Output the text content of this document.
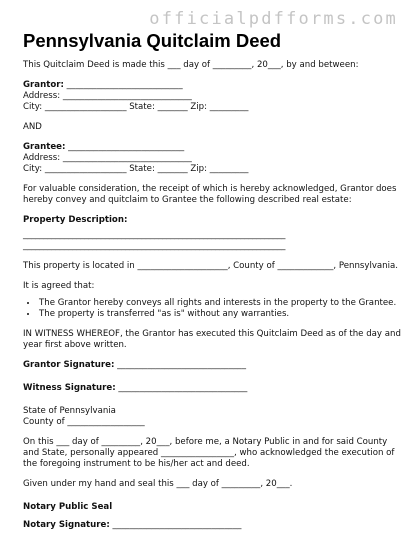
officialpdfforms.com
Pennsylvania Quitclaim Deed

This Quitclaim Deed is made this ___ day of _________, 20___, by and between:

Grantor: ___________________________
Address: ______________________________
City: ___________________ State: _______ Zip: _________

AND

Grantee: ___________________________
Address: ______________________________
City: ___________________ State: _______ Zip: _________

For valuable consideration, the receipt of which is hereby acknowledged, Grantor does hereby convey and quitclaim to Grantee the following described real estate:

Property Description:
________________________________________________________________
________________________________________________________________

This property is located in _____________________, County of _____________, Pennsylvania.

It is agreed that:

• The Grantor hereby conveys all rights and interests in the property to the Grantee.
• The property is transferred "as is" without any warranties.

IN WITNESS WHEREOF, the Grantor has executed this Quitclaim Deed as of the day and year first above written.

Grantor Signature: ______________________________

Witness Signature: ______________________________

State of Pennsylvania
County of __________________

On this ___ day of _________, 20___, before me, a Notary Public in and for said County and State, personally appeared _________________, who acknowledged the execution of the foregoing instrument to be his/her act and deed.

Given under my hand and seal this ___ day of _________, 20___.

Notary Public Seal

Notary Signature: ______________________________
